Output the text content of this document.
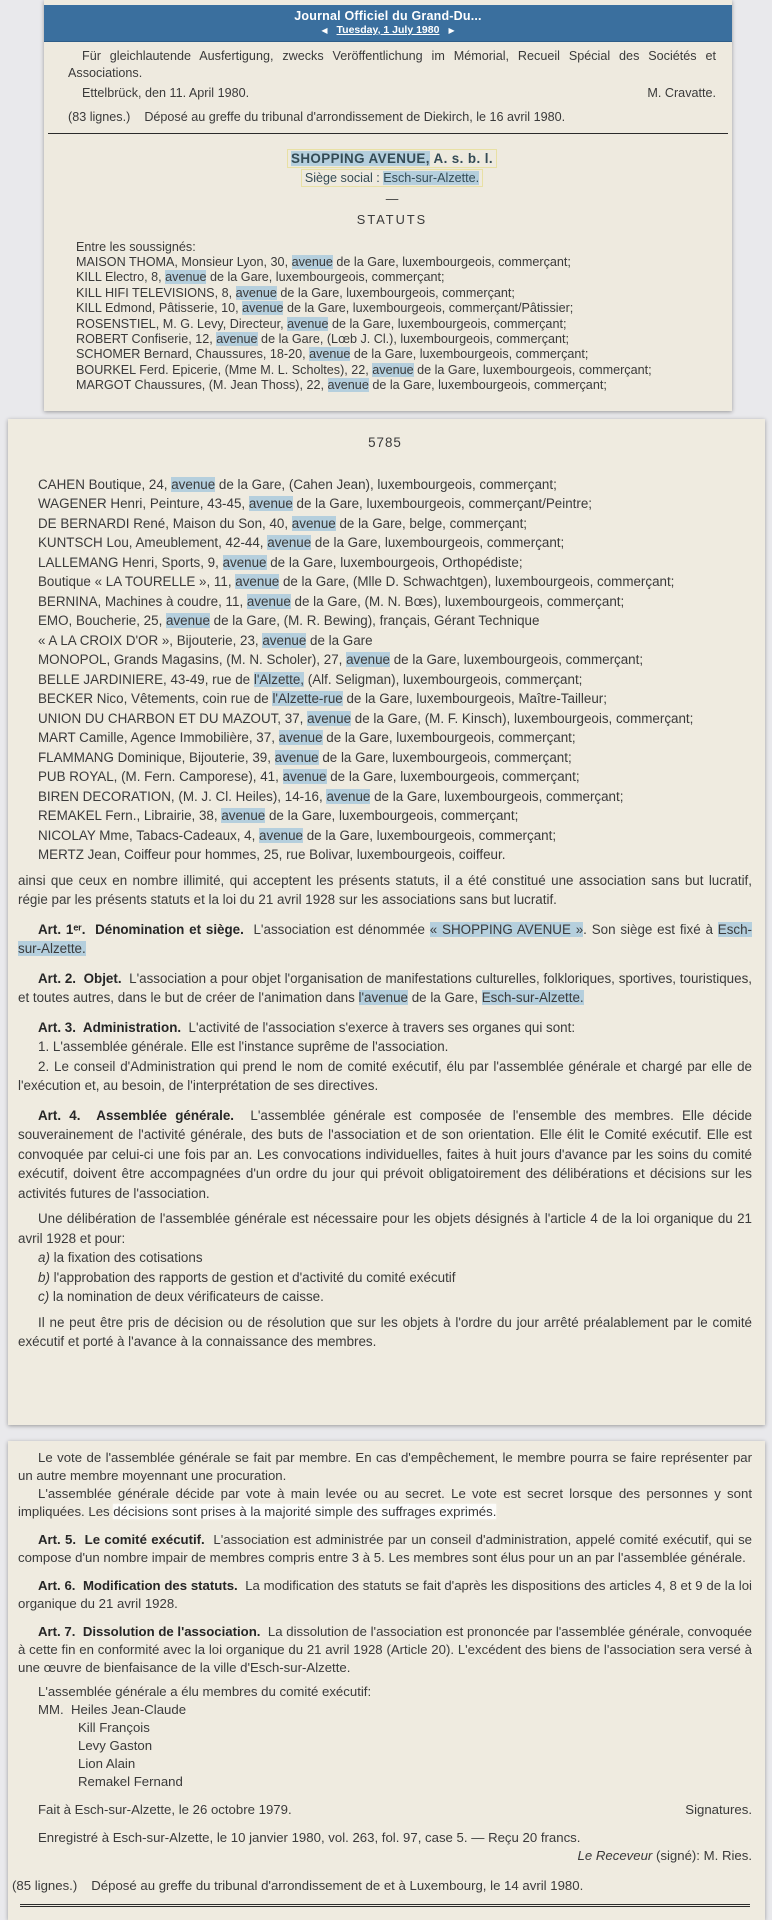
Journal Officiel du Grand-Du...
◀ Tuesday, 1 July 1980 ▶

Für gleichlautende Ausfertigung, zwecks Veröffentlichung im Mémorial, Recueil Spécial des Sociétés et Associations.

Ettelbrück, den 11. April 1980.	M. Cravatte.

(83 lignes.) Déposé au greffe du tribunal d'arrondissement de Diekirch, le 16 avril 1980.

SHOPPING AVENUE, A. s. b. l.
Siège social : Esch-sur-Alzette.
—
STATUTS

Entre les soussignés:

MAISON THOMA, Monsieur Lyon, 30, avenue de la Gare, luxembourgeois, commerçant;

KILL Electro, 8, avenue de la Gare, luxembourgeois, commerçant;

KILL HIFI TELEVISIONS, 8, avenue de la Gare, luxembourgeois, commerçant;

KILL Edmond, Pâtisserie, 10, avenue de la Gare, luxembourgeois, commerçant/Pâtissier;

ROSENSTIEL, M. G. Levy, Directeur, avenue de la Gare, luxembourgeois, commerçant;

ROBERT Confiserie, 12, avenue de la Gare, (Lœb J. Cl.), luxembourgeois, commerçant;

SCHOMER Bernard, Chaussures, 18-20, avenue de la Gare, luxembourgeois, commerçant;

BOURKEL Ferd. Epicerie, (Mme M. L. Scholtes), 22, avenue de la Gare, luxembourgeois, commerçant;

MARGOT Chaussures, (M. Jean Thoss), 22, avenue de la Gare, luxembourgeois, commerçant;

5785

CAHEN Boutique, 24, avenue de la Gare, (Cahen Jean), luxembourgeois, commerçant;

WAGENER Henri, Peinture, 43-45, avenue de la Gare, luxembourgeois, commerçant/Peintre;

DE BERNARDI René, Maison du Son, 40, avenue de la Gare, belge, commerçant;

KUNTSCH Lou, Ameublement, 42-44, avenue de la Gare, luxembourgeois, commerçant;

LALLEMANG Henri, Sports, 9, avenue de la Gare, luxembourgeois, Orthopédiste;

Boutique « LA TOURELLE », 11, avenue de la Gare, (Mlle D. Schwachtgen), luxembourgeois, commerçant;

BERNINA, Machines à coudre, 11, avenue de la Gare, (M. N. Bœs), luxembourgeois, commerçant;

EMO, Boucherie, 25, avenue de la Gare, (M. R. Bewing), français, Gérant Technique

« A LA CROIX D'OR », Bijouterie, 23, avenue de la Gare

MONOPOL, Grands Magasins, (M. N. Scholer), 27, avenue de la Gare, luxembourgeois, commerçant;

BELLE JARDINIERE, 43-49, rue de l'Alzette, (Alf. Seligman), luxembourgeois, commerçant;

BECKER Nico, Vêtements, coin rue de l'Alzette-rue de la Gare, luxembourgeois, Maître-Tailleur;

UNION DU CHARBON ET DU MAZOUT, 37, avenue de la Gare, (M. F. Kinsch), luxembourgeois, commerçant;

MART Camille, Agence Immobilière, 37, avenue de la Gare, luxembourgeois, commerçant;

FLAMMANG Dominique, Bijouterie, 39, avenue de la Gare, luxembourgeois, commerçant;

PUB ROYAL, (M. Fern. Camporese), 41, avenue de la Gare, luxembourgeois, commerçant;

BIREN DECORATION, (M. J. Cl. Heiles), 14-16, avenue de la Gare, luxembourgeois, commerçant;

REMAKEL Fern., Librairie, 38, avenue de la Gare, luxembourgeois, commerçant;

NICOLAY Mme, Tabacs-Cadeaux, 4, avenue de la Gare, luxembourgeois, commerçant;

MERTZ Jean, Coiffeur pour hommes, 25, rue Bolivar, luxembourgeois, coiffeur.

ainsi que ceux en nombre illimité, qui acceptent les présents statuts, il a été constitué une association sans but lucratif, régie par les présents statuts et la loi du 21 avril 1928 sur les associations sans but lucratif.

Art. 1ᵉʳ.  Dénomination et siège.  L'association est dénommée « SHOPPING AVENUE ». Son siège est fixé à Esch-sur-Alzette.

Art. 2.  Objet.  L'association a pour objet l'organisation de manifestations culturelles, folkloriques, sportives, touristiques, et toutes autres, dans le but de créer de l'animation dans l'avenue de la Gare, Esch-sur-Alzette.

Art. 3.  Administration.  L'activité de l'association s'exerce à travers ses organes qui sont:

1. L'assemblée générale. Elle est l'instance suprême de l'association.

2. Le conseil d'Administration qui prend le nom de comité exécutif, élu par l'assemblée générale et chargé par elle de l'exécution et, au besoin, de l'interprétation de ses directives.

Art. 4.  Assemblée générale.  L'assemblée générale est composée de l'ensemble des membres. Elle décide souverainement de l'activité générale, des buts de l'association et de son orientation. Elle élit le Comité exécutif. Elle est convoquée par celui-ci une fois par an. Les convocations individuelles, faites à huit jours d'avance par les soins du comité exécutif, doivent être accompagnées d'un ordre du jour qui prévoit obligatoirement des délibérations et décisions sur les activités futures de l'association.

Une délibération de l'assemblée générale est nécessaire pour les objets désignés à l'article 4 de la loi organique du 21 avril 1928 et pour:

a) la fixation des cotisations

b) l'approbation des rapports de gestion et d'activité du comité exécutif

c) la nomination de deux vérificateurs de caisse.

Il ne peut être pris de décision ou de résolution que sur les objets à l'ordre du jour arrêté préalablement par le comité exécutif et porté à l'avance à la connaissance des membres.

Le vote de l'assemblée générale se fait par membre. En cas d'empêchement, le membre pourra se faire représenter par un autre membre moyennant une procuration.

L'assemblée générale décide par vote à main levée ou au secret. Le vote est secret lorsque des personnes y sont impliquées. Les décisions sont prises à la majorité simple des suffrages exprimés.

Art. 5.  Le comité exécutif.  L'association est administrée par un conseil d'administration, appelé comité exécutif, qui se compose d'un nombre impair de membres compris entre 3 à 5. Les membres sont élus pour un an par l'assemblée générale.

Art. 6.  Modification des statuts.  La modification des statuts se fait d'après les dispositions des articles 4, 8 et 9 de la loi organique du 21 avril 1928.

Art. 7.  Dissolution de l'association.  La dissolution de l'association est prononcée par l'assemblée générale, convoquée à cette fin en conformité avec la loi organique du 21 avril 1928 (Article 20). L'excédent des biens de l'association sera versé à une œuvre de bienfaisance de la ville d'Esch-sur-Alzette.

L'assemblée générale a élu membres du comité exécutif:

MM.  Heiles Jean-Claude

Kill François

Levy Gaston

Lion Alain

Remakel Fernand

Fait à Esch-sur-Alzette, le 26 octobre 1979.	Signatures.

Enregistré à Esch-sur-Alzette, le 10 janvier 1980, vol. 263, fol. 97, case 5. — Reçu 20 francs.

Le Receveur (signé): M. Ries.

(85 lignes.) Déposé au greffe du tribunal d'arrondissement de et à Luxembourg, le 14 avril 1980.
